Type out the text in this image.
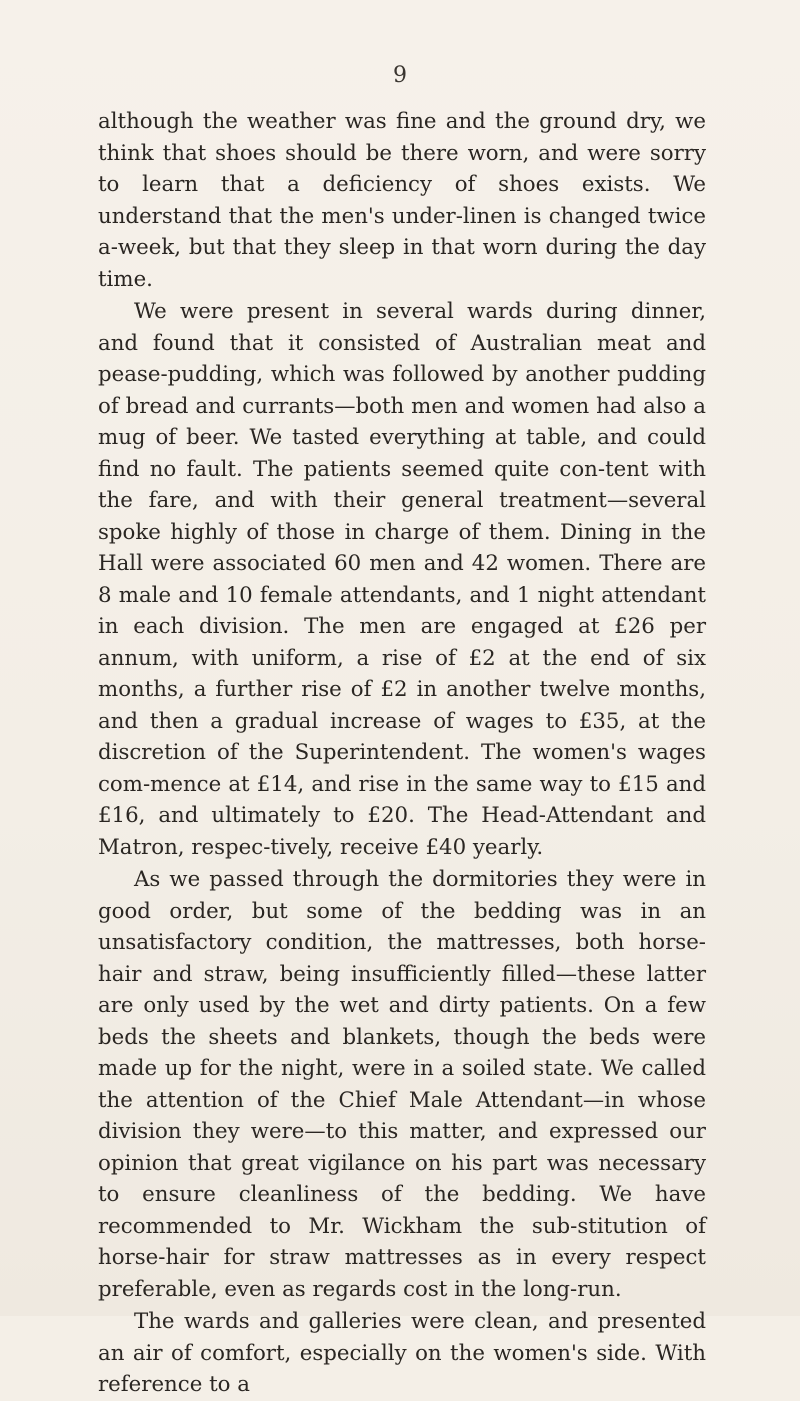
9

although the weather was fine and the ground dry, we think that shoes should be there worn, and were sorry to learn that a deficiency of shoes exists. We understand that the men's under-linen is changed twice a-week, but that they sleep in that worn during the day time.

We were present in several wards during dinner, and found that it consisted of Australian meat and pease-pudding, which was followed by another pudding of bread and currants—both men and women had also a mug of beer. We tasted everything at table, and could find no fault. The patients seemed quite con-tent with the fare, and with their general treatment—several spoke highly of those in charge of them. Dining in the Hall were associated 60 men and 42 women. There are 8 male and 10 female attendants, and 1 night attendant in each division. The men are engaged at £26 per annum, with uniform, a rise of £2 at the end of six months, a further rise of £2 in another twelve months, and then a gradual increase of wages to £35, at the discretion of the Superintendent. The women's wages com-mence at £14, and rise in the same way to £15 and £16, and ultimately to £20. The Head-Attendant and Matron, respec-tively, receive £40 yearly.

As we passed through the dormitories they were in good order, but some of the bedding was in an unsatisfactory condition, the mattresses, both horse-hair and straw, being insufficiently filled—these latter are only used by the wet and dirty patients. On a few beds the sheets and blankets, though the beds were made up for the night, were in a soiled state. We called the attention of the Chief Male Attendant—in whose division they were—to this matter, and expressed our opinion that great vigilance on his part was necessary to ensure cleanliness of the bedding. We have recommended to Mr. Wickham the sub-stitution of horse-hair for straw mattresses as in every respect preferable, even as regards cost in the long-run.

The wards and galleries were clean, and presented an air of comfort, especially on the women's side. With reference to a
